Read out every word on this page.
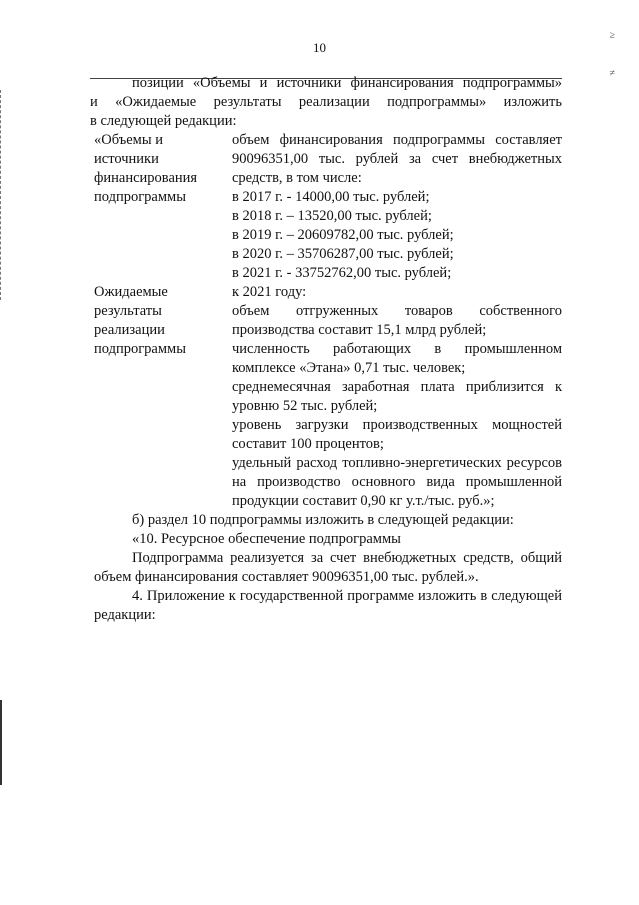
10
≥
≠

позиции «Объемы и источники финансирования подпрограммы»

и «Ожидаемые результаты реализации подпрограммы» изложить

в следующей редакции:

«Объемы и
источники
финансирования
подпрограммы

объем финансирования подпрограммы составляет 90096351,00 тыс. рублей за счет внебюджетных средств, в том числе:

в 2017 г. - 14000,00 тыс. рублей;
в 2018 г. – 13520,00 тыс. рублей;
в 2019 г. – 20609782,00 тыс. рублей;
в 2020 г. – 35706287,00 тыс. рублей;
в 2021 г. - 33752762,00 тыс. рублей;
Ожидаемые
результаты
реализации
подпрограммы
к 2021 году:

объем отгруженных товаров собственного производства составит 15,1 млрд рублей;

численность работающих в промышленном комплексе «Этана» 0,71 тыс. человек;

среднемесячная заработная плата приблизится к уровню 52 тыс. рублей;

уровень загрузки производственных мощностей составит 100 процентов;

удельный расход топливно-энергетических ресурсов на производство основного вида промышленной продукции составит 0,90 кг у.т./тыс. руб.»;

б) раздел 10 подпрограммы изложить в следующей редакции:

«10. Ресурсное обеспечение подпрограммы

Подпрограмма реализуется за счет внебюджетных средств, общий объем финансирования составляет 90096351,00 тыс. рублей.».

4. Приложение к государственной программе изложить в следующей редакции:
